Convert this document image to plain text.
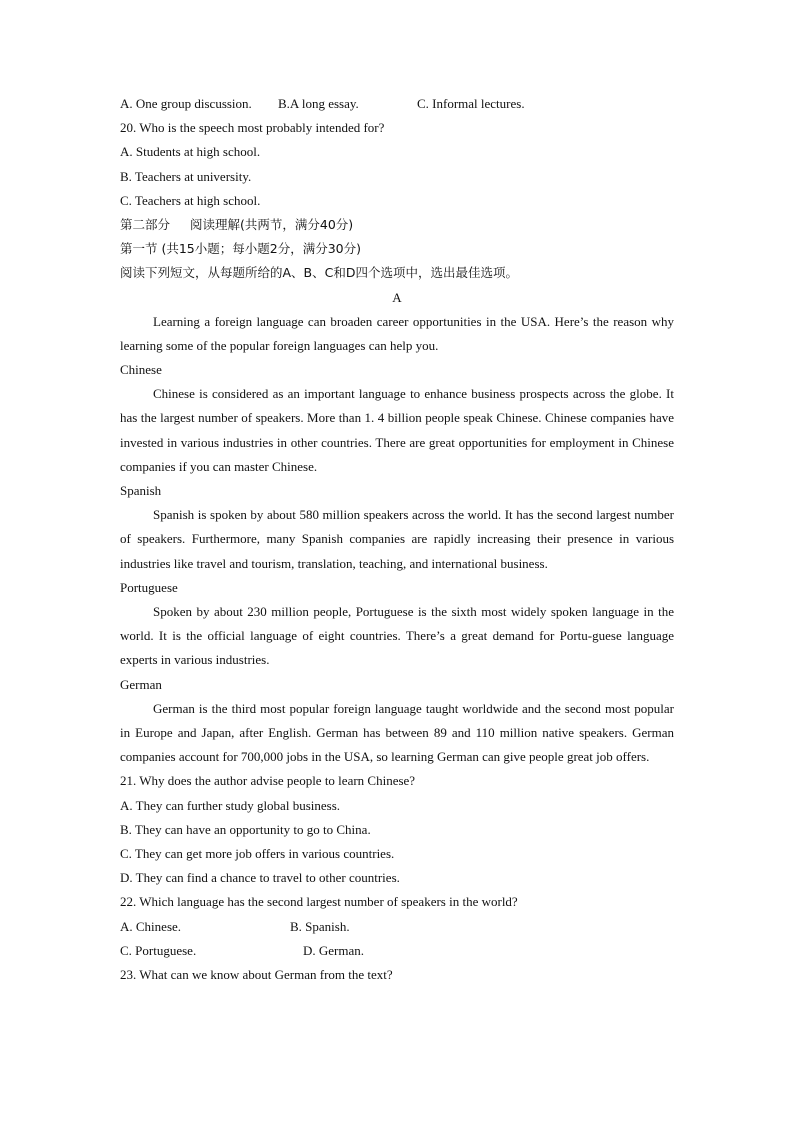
A. One group discussion.	B.A long essay.	C. Informal lectures.
20. Who is the speech most probably intended for?
A. Students at high school.
B. Teachers at university.
C. Teachers at high school.
第二部分 阅读理解(共两节，满分40分)
第一节 (共15小题；每小题2分，满分30分)
阅读下列短文，从每题所给的A、B、C和D四个选项中，选出最佳选项。
A

Learning a foreign language can broaden career opportunities in the USA. Here’s the reason why learning some of the popular foreign languages can help you.

Chinese

Chinese is considered as an important language to enhance business prospects across the globe. It has the largest number of speakers. More than 1. 4 billion people speak Chinese. Chinese companies have invested in various industries in other countries. There are great opportunities for employment in Chinese companies if you can master Chinese.

Spanish

Spanish is spoken by about 580 million speakers across the world. It has the second largest number of speakers. Furthermore, many Spanish companies are rapidly increasing their presence in various industries like travel and tourism, translation, teaching, and international business.

Portuguese

Spoken by about 230 million people, Portuguese is the sixth most widely spoken language in the world. It is the official language of eight countries. There’s a great demand for Portu-guese language experts in various industries.

German

German is the third most popular foreign language taught worldwide and the second most popular in Europe and Japan, after English. German has between 89 and 110 million native speakers. German companies account for 700,000 jobs in the USA, so learning German can give people great job offers.

21. Why does the author advise people to learn Chinese?
A. They can further study global business.
B. They can have an opportunity to go to China.
C. They can get more job offers in various countries.
D. They can find a chance to travel to other countries.
22. Which language has the second largest number of speakers in the world?
A. Chinese.	B. Spanish.
C. Portuguese.	D. German.
23. What can we know about German from the text?
